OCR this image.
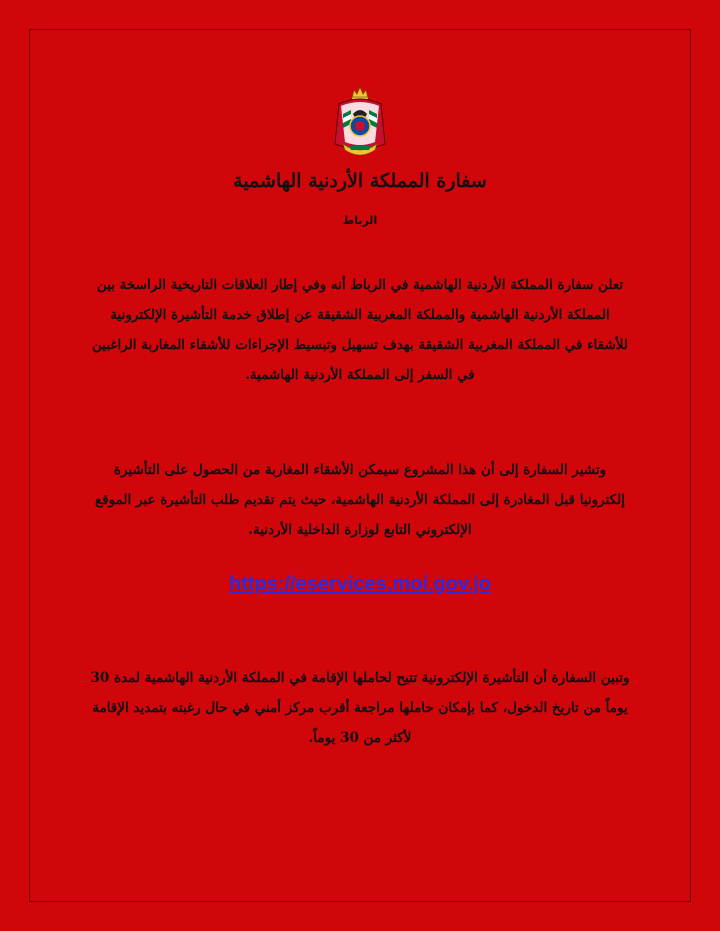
سفارة المملكة الأردنية الهاشمية
الرباط

تعلن سفارة المملكة الأردنية الهاشمية في الرباط أنه وفي إطار العلاقات التاريخية الراسخة بين المملكة الأردنية الهاشمية والمملكة المغربية الشقيقة عن إطلاق خدمة التأشيرة الإلكترونية للأشقاء في المملكة المغربية الشقيقة بهدف تسهيل وتبسيط الإجراءات للأشقاء المغاربة الراغبين في السفر إلى المملكة الأردنية الهاشمية.

وتشير السفارة إلى أن هذا المشروع سيمكن الأشقاء المغاربة من الحصول على التأشيرة إلكترونيا قبل المغادرة إلى المملكة الأردنية الهاشمية، حيث يتم تقديم طلب التأشيرة عبر الموقع الإلكتروني التابع لوزارة الداخلية الأردنية.

https://eservices.moi.gov.jo

وتبين السفارة أن التأشيرة الإلكترونية تتيح لحاملها الإقامة في المملكة الأردنية الهاشمية لمدة 30 يوماً من تاريخ الدخول، كما بإمكان حاملها مراجعة أقرب مركز أمني في حال رغبته بتمديد الإقامة لأكثر من 30 يوماً.
